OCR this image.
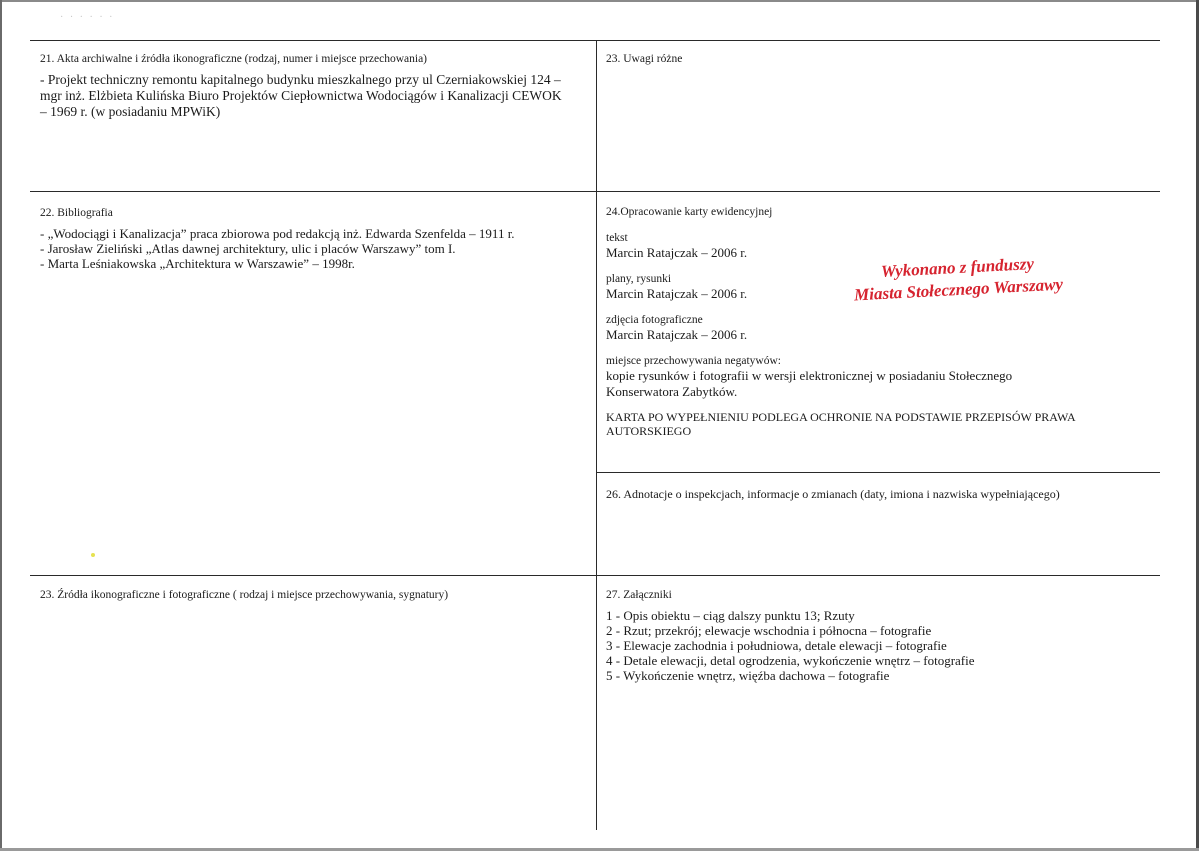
· · · · · ·

21. Akta archiwalne i źródła ikonograficzne (rodzaj, numer i miejsce przechowania)

- Projekt techniczny remontu kapitalnego budynku mieszkalnego przy ul Czerniakowskiej 124 –

mgr inż. Elżbieta Kulińska Biuro Projektów Ciepłownictwa Wodociągów i Kanalizacji CEWOK

– 1969 r. (w posiadaniu MPWiK)

23. Uwagi różne

22. Bibliografia

- „Wodociągi i Kanalizacja” praca zbiorowa pod redakcją inż. Edwarda Szenfelda – 1911 r.

- Jarosław Zieliński „Atlas dawnej architektury, ulic i placów Warszawy” tom I.

- Marta Leśniakowska „Architektura w Warszawie” – 1998r.

24.Opracowanie karty ewidencyjnej

tekst

Marcin Ratajczak – 2006 r.

plany, rysunki

Marcin Ratajczak – 2006 r.

zdjęcia fotograficzne

Marcin Ratajczak – 2006 r.

miejsce przechowywania negatywów:

kopie rysunków i fotografii w wersji elektronicznej w posiadaniu Stołecznego

Konserwatora Zabytków.

KARTA PO WYPEŁNIENIU PODLEGA OCHRONIE NA PODSTAWIE PRZEPISÓW PRAWA

AUTORSKIEGO

Wykonano z funduszy

Miasta Stołecznego Warszawy

26. Adnotacje o inspekcjach, informacje o zmianach (daty, imiona i nazwiska wypełniającego)

23. Źródła ikonograficzne i fotograficzne ( rodzaj i miejsce przechowywania, sygnatury)	27. Załączniki

1 - Opis obiektu – ciąg dalszy punktu 13; Rzuty

2 - Rzut; przekrój; elewacje wschodnia i północna – fotografie

3 - Elewacje zachodnia i południowa, detale elewacji – fotografie

4 - Detale elewacji, detal ogrodzenia, wykończenie wnętrz – fotografie

5 - Wykończenie wnętrz, więźba dachowa – fotografie
